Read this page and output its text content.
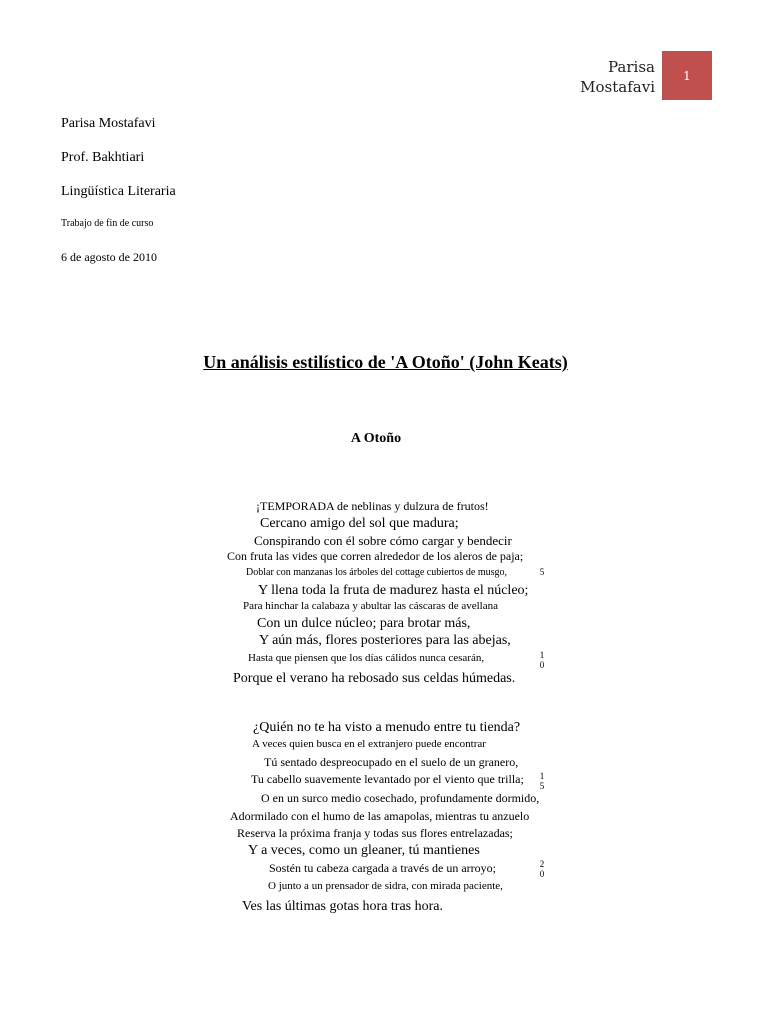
Parisa
Mostafavi
1
Parisa Mostafavi
Prof. Bakhtiari
Lingüística Literaria
Trabajo de fin de curso
6 de agosto de 2010
Un análisis estilístico de 'A Otoño' (John Keats)
A Otoño
¡TEMPORADA de neblinas y dulzura de frutos!
Cercano amigo del sol que madura;
Conspirando con él sobre cómo cargar y bendecir
Con fruta las vides que corren alrededor de los aleros de paja;
Doblar con manzanas los árboles del cottage cubiertos de musgo,
Y llena toda la fruta de madurez hasta el núcleo;
Para hinchar la calabaza y abultar las cáscaras de avellana
Con un dulce núcleo; para brotar más,
Y aún más, flores posteriores para las abejas,
Hasta que piensen que los días cálidos nunca cesarán,
Porque el verano ha rebosado sus celdas húmedas.
5
1
0
¿Quién no te ha visto a menudo entre tu tienda?
A veces quien busca en el extranjero puede encontrar
Tú sentado despreocupado en el suelo de un granero,
Tu cabello suavemente levantado por el viento que trilla;
O en un surco medio cosechado, profundamente dormido,
Adormilado con el humo de las amapolas, mientras tu anzuelo
Reserva la próxima franja y todas sus flores entrelazadas;
Y a veces, como un gleaner, tú mantienes
Sostén tu cabeza cargada a través de un arroyo;
O junto a un prensador de sidra, con mirada paciente,
Ves las últimas gotas hora tras hora.
1
5
2
0
